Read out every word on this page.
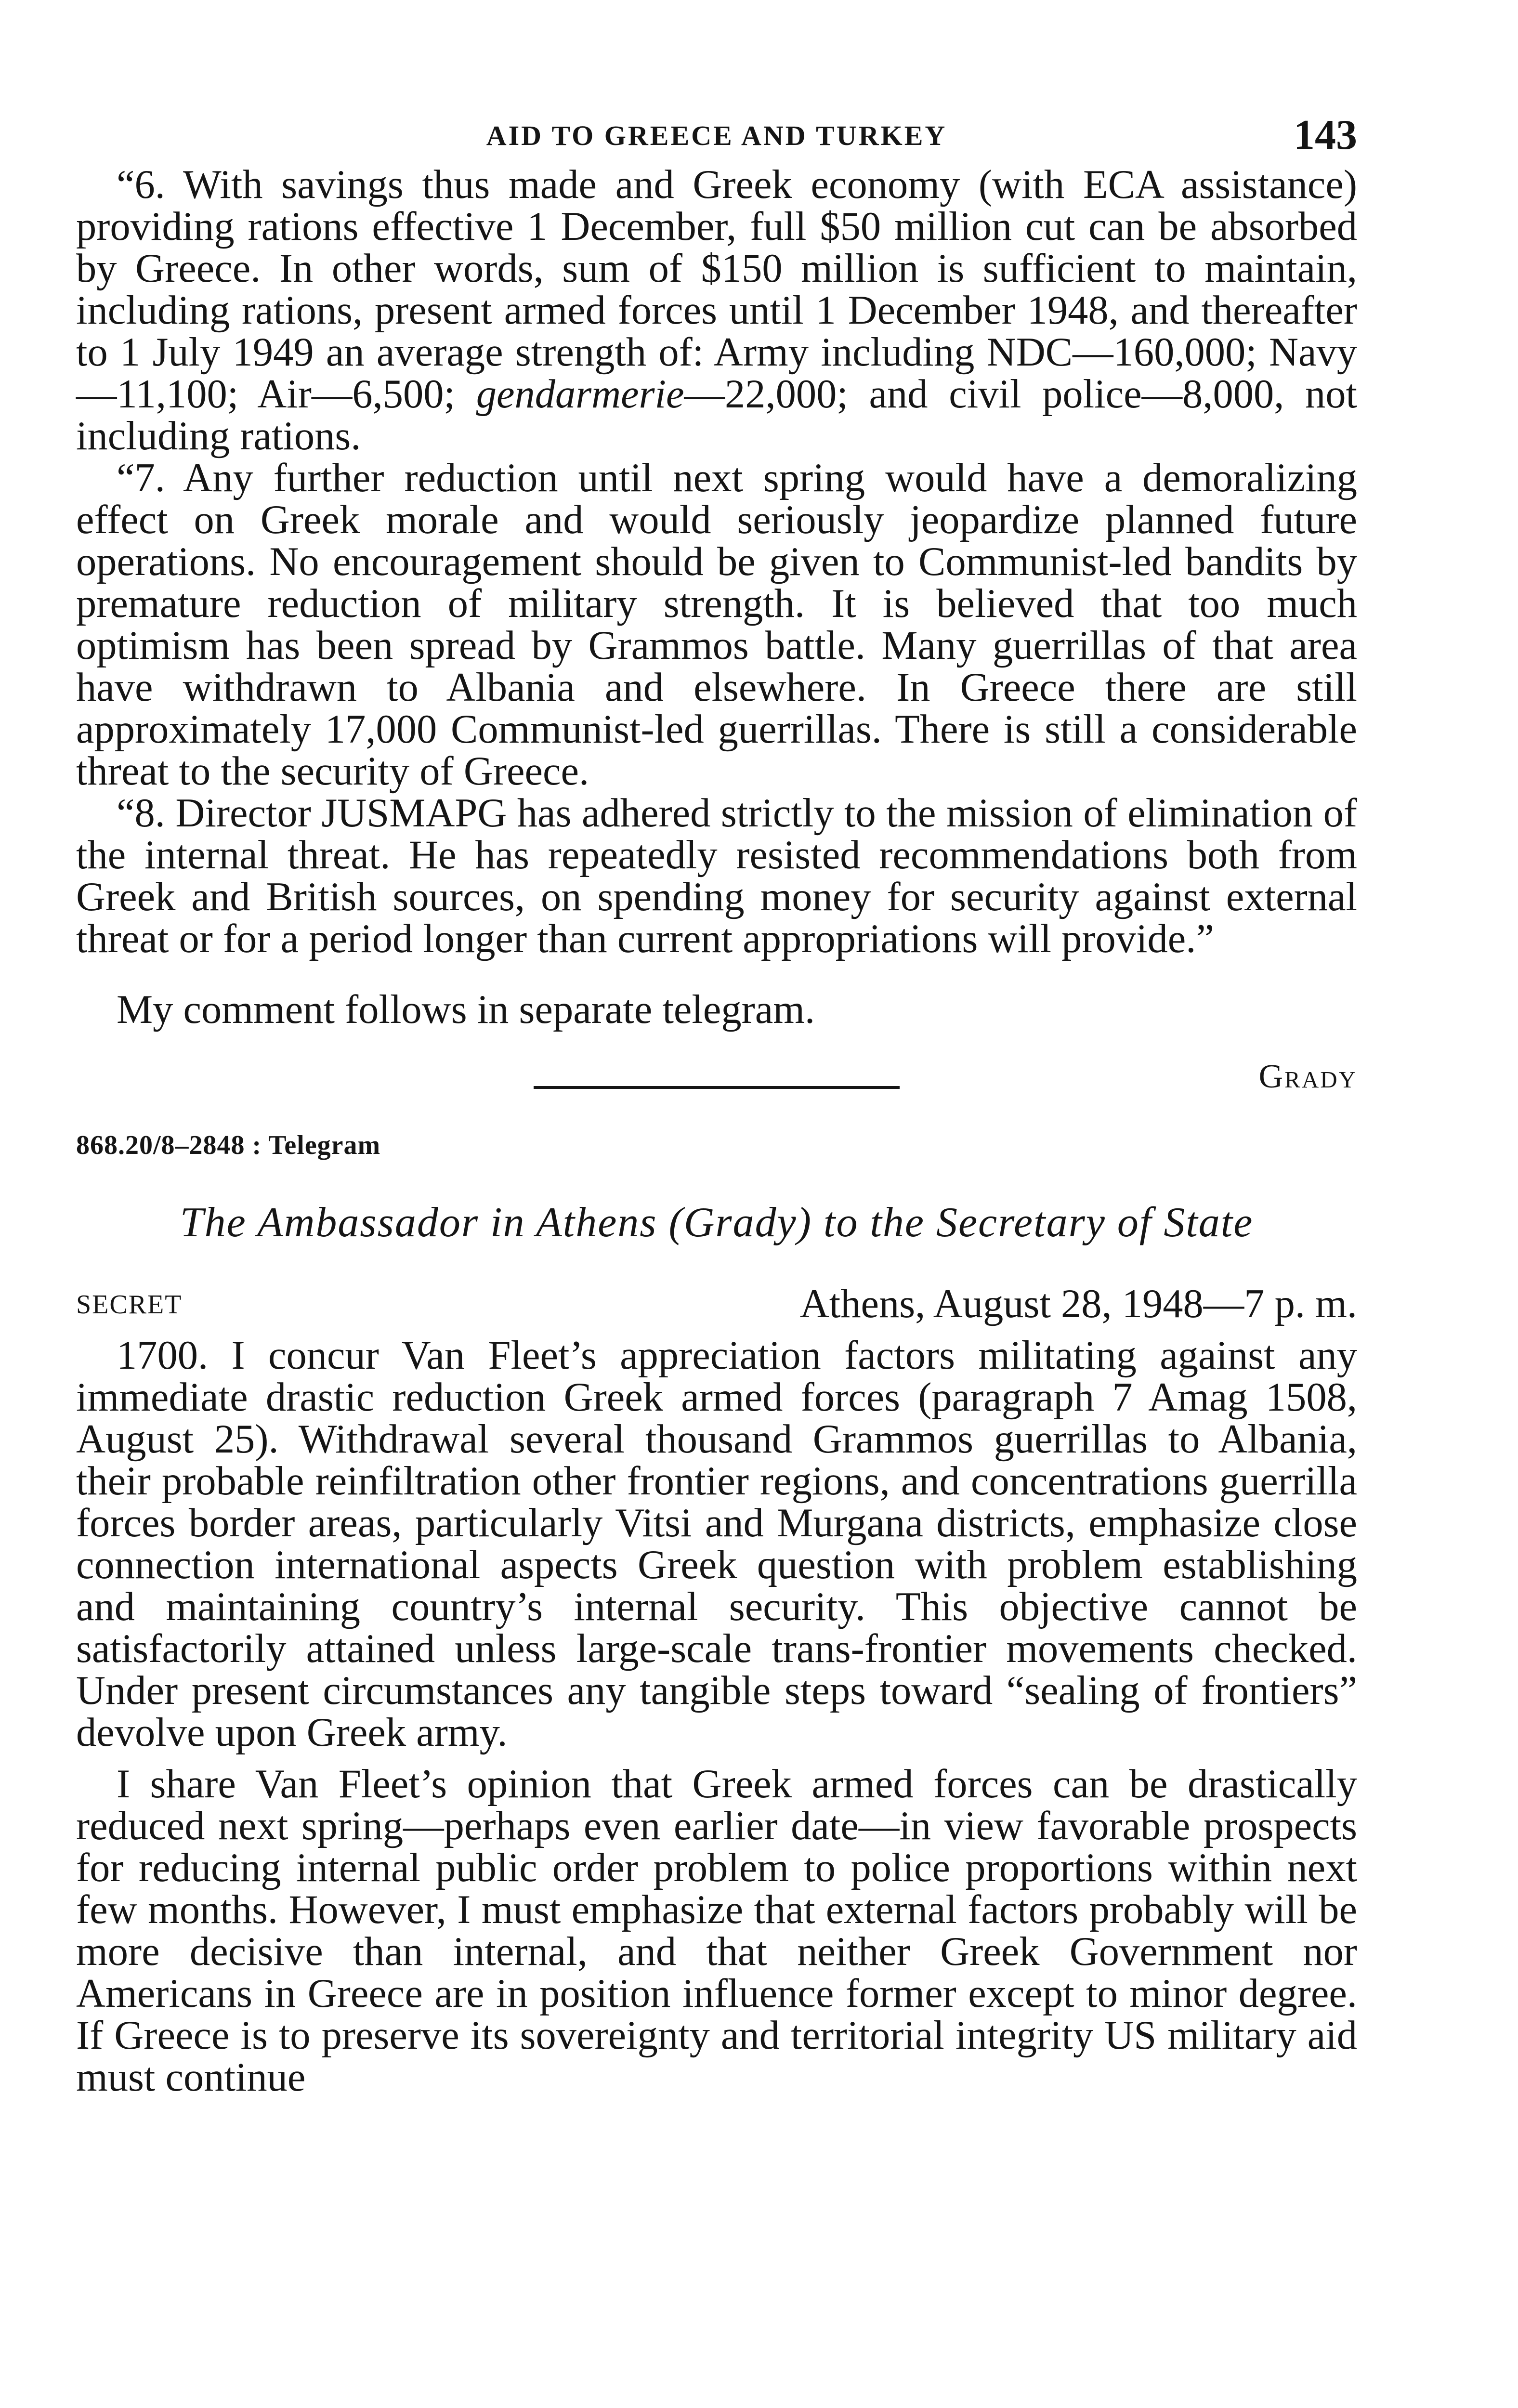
AID TO GREECE AND TURKEY	143

“6. With savings thus made and Greek economy (with ECA assistance) providing rations effective 1 December, full $50 million cut can be absorbed by Greece. In other words, sum of $150 million is sufficient to maintain, including rations, present armed forces until 1 December 1948, and thereafter to 1 July 1949 an average strength of: Army including NDC—160,000; Navy—11,100; Air—6,500; gendarmerie—22,000; and civil police—8,000, not including rations.

“7. Any further reduction until next spring would have a demoralizing effect on Greek morale and would seriously jeopardize planned future operations. No encouragement should be given to Communist-led bandits by premature reduction of military strength. It is believed that too much optimism has been spread by Grammos battle. Many guerrillas of that area have withdrawn to Albania and elsewhere. In Greece there are still approximately 17,000 Communist-led guerrillas. There is still a considerable threat to the security of Greece.

“8. Director JUSMAPG has adhered strictly to the mission of elimination of the internal threat. He has repeatedly resisted recommendations both from Greek and British sources, on spending money for security against external threat or for a period longer than current appropriations will provide.”

My comment follows in separate telegram.

Grady
868.20/8–2848 : Telegram
The Ambassador in Athens (Grady) to the Secretary of State
SECRET	Athens, August 28, 1948—7 p. m.

1700. I concur Van Fleet’s appreciation factors militating against any immediate drastic reduction Greek armed forces (paragraph 7 Amag 1508, August 25). Withdrawal several thousand Grammos guerrillas to Albania, their probable reinfiltration other frontier regions, and concentrations guerrilla forces border areas, particularly Vitsi and Murgana districts, emphasize close connection international aspects Greek question with problem establishing and maintaining country’s internal security. This objective cannot be satisfactorily attained unless large-scale trans-frontier movements checked. Under present circumstances any tangible steps toward “sealing of frontiers” devolve upon Greek army.

I share Van Fleet’s opinion that Greek armed forces can be drastically reduced next spring—perhaps even earlier date—in view favorable prospects for reducing internal public order problem to police proportions within next few months. However, I must emphasize that external factors probably will be more decisive than internal, and that neither Greek Government nor Americans in Greece are in position influence former except to minor degree. If Greece is to preserve its sovereignty and territorial integrity US military aid must continue
